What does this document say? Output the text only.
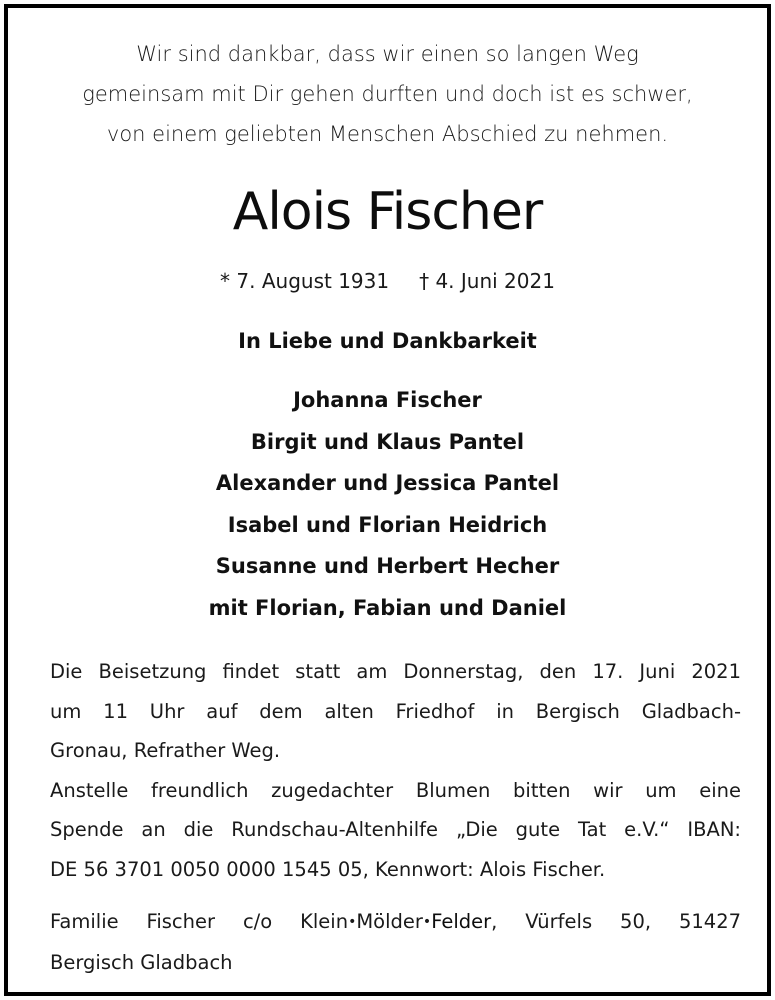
Wir sind dankbar, dass wir einen so langen Weg
gemeinsam mit Dir gehen durften und doch ist es schwer,
von einem geliebten Menschen Abschied zu nehmen.
Alois Fischer
* 7. August 1931 † 4. Juni 2021
In Liebe und Dankbarkeit
Johanna Fischer
Birgit und Klaus Pantel
Alexander und Jessica Pantel
Isabel und Florian Heidrich
Susanne und Herbert Hecher
mit Florian, Fabian und Daniel
Die Beisetzung findet statt am Donnerstag, den 17. Juni 2021
um 11 Uhr auf dem alten Friedhof in Bergisch Gladbach-
Gronau, Refrather Weg.
Anstelle freundlich zugedachter Blumen bitten wir um eine
Spende an die Rundschau-Altenhilfe „Die gute Tat e.V.“ IBAN:
DE 56 3701 0050 0000 1545 05, Kennwort: Alois Fischer.
Familie Fischer c/o Klein•Mölder•Felder, Vürfels 50, 51427
Bergisch Gladbach
